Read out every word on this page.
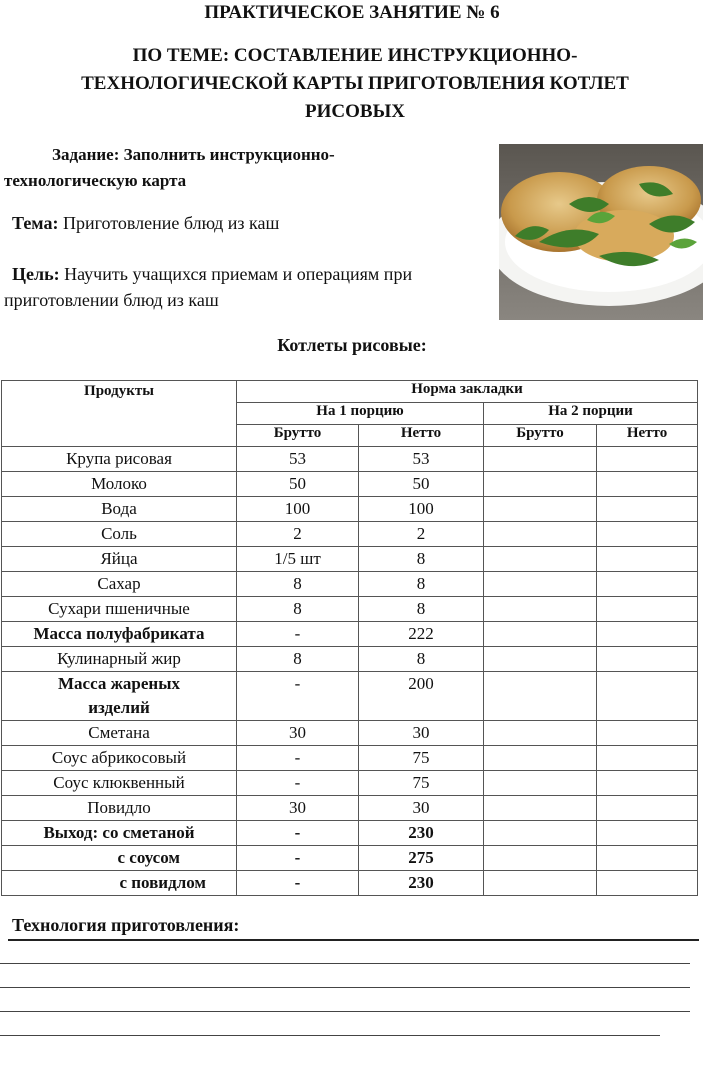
ПРАКТИЧЕСКОЕ ЗАНЯТИЕ № 6
ПО ТЕМЕ: СОСТАВЛЕНИЕ ИНСТРУКЦИОННО-ТЕХНОЛОГИЧЕСКОЙ КАРТЫ ПРИГОТОВЛЕНИЯ КОТЛЕТ РИСОВЫХ
Задание: Заполнить инструкционно-
технологическую карта
Тема: Приготовление блюд из каш
Цель: Научить учащихся приемам и операциям при
приготовлении блюд из каш
Котлеты рисовые:
Продукты	Норма закладки			
	На 1 порцию		На 2 порции	
	Брутто	Нетто	Брутто	Нетто
Крупа рисовая	53	53		
Молоко	50	50		
Вода	100	100		
Соль	2	2		
Яйца	1/5 шт	8		
Сахар	8	8		
Сухари пшеничные	8	8		
Масса полуфабриката	-	222		
Кулинарный жир	8	8		
Масса жареных изделий	-	200		
Сметана	30	30		
Соус абрикосовый	-	75		
Соус клюквенный	-	75		
Повидло	30	30		
Выход: со сметаной	-	230		
с соусом	-	275		
с повидлом	-	230		
Технология приготовления:
